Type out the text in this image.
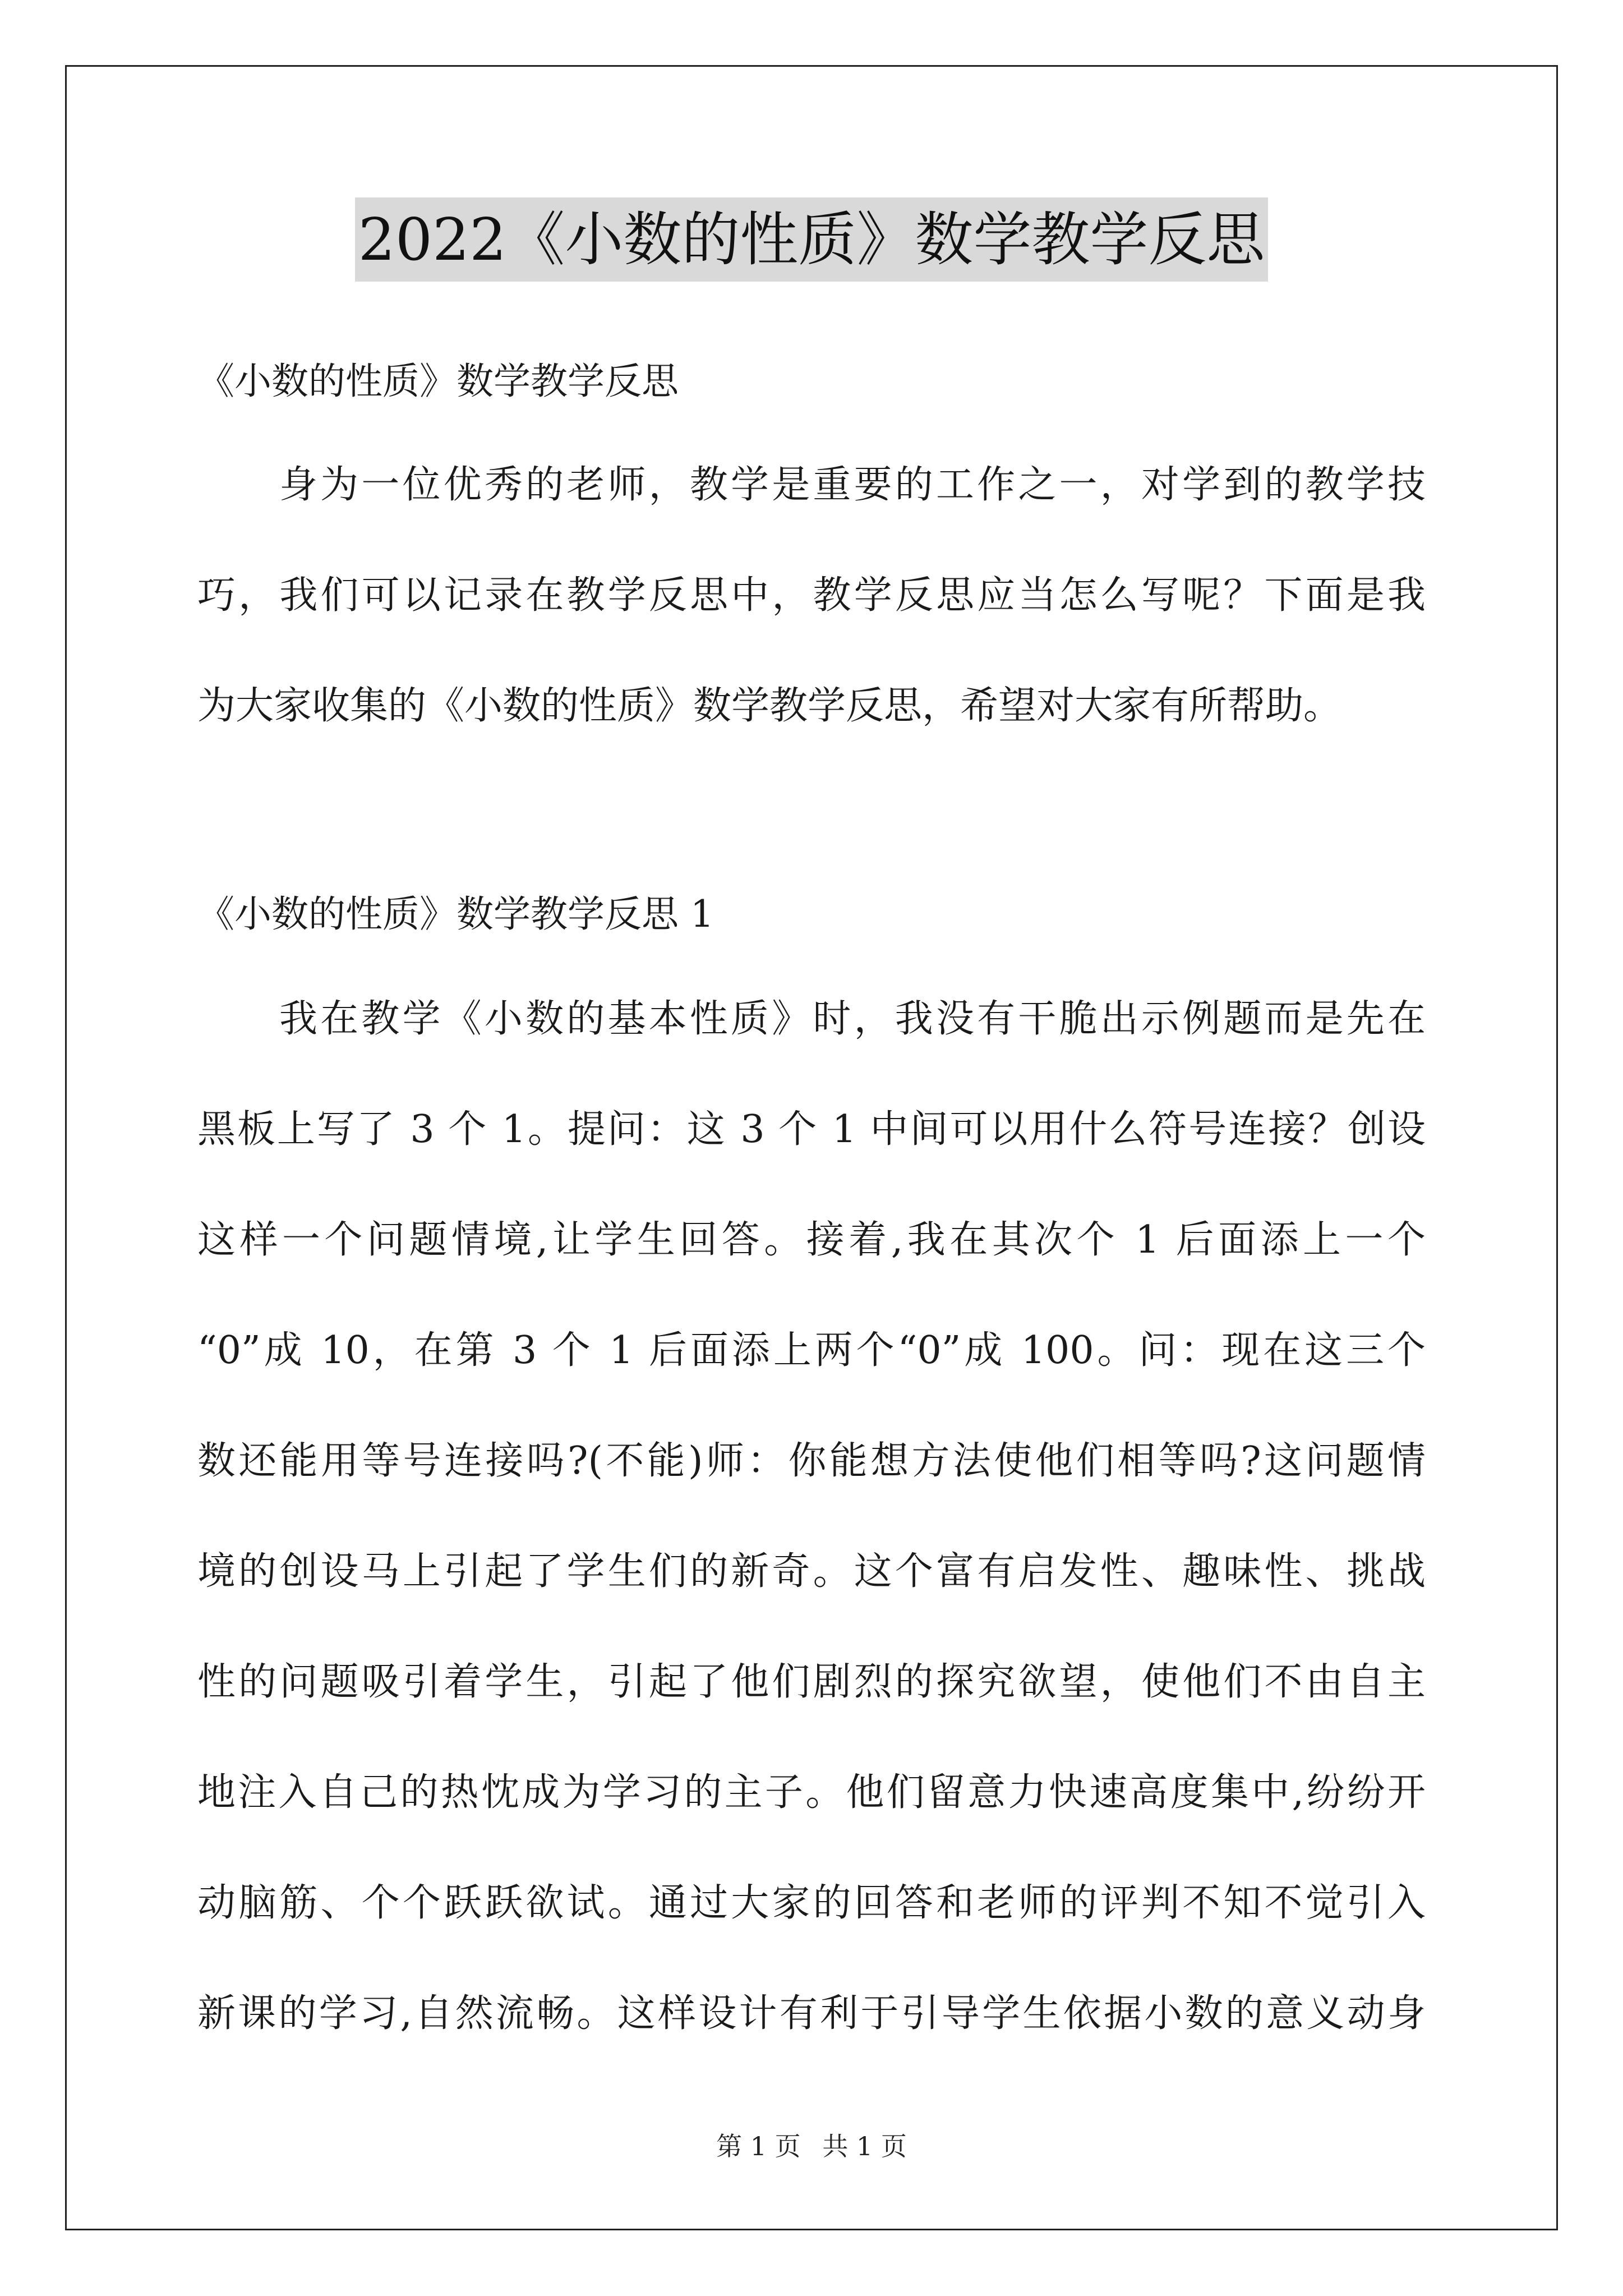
2022《小数的性质》数学教学反思
《小数的性质》数学教学反思
身为一位优秀的老师，教学是重要的工作之一，对学到的教学技
巧，我们可以记录在教学反思中，教学反思应当怎么写呢？下面是我
为大家收集的《小数的性质》数学教学反思，希望对大家有所帮助。
《小数的性质》数学教学反思 1
我在教学《小数的基本性质》时，我没有干脆出示例题而是先在
黑板上写了 3 个 1。提问：这 3 个 1 中间可以用什么符号连接？创设
这样一个问题情境,让学生回答。接着,我在其次个 1 后面添上一个
“0”成 10，在第 3 个 1 后面添上两个“0”成 100。问：现在这三个
数还能用等号连接吗?(不能)师：你能想方法使他们相等吗?这问题情
境的创设马上引起了学生们的新奇。这个富有启发性、趣味性、挑战
性的问题吸引着学生，引起了他们剧烈的探究欲望，使他们不由自主
地注入自己的热忱成为学习的主子。他们留意力快速高度集中,纷纷开
动脑筋、个个跃跃欲试。通过大家的回答和老师的评判不知不觉引入
新课的学习,自然流畅。这样设计有利于引导学生依据小数的意义动身
第 1 页 共 1 页
